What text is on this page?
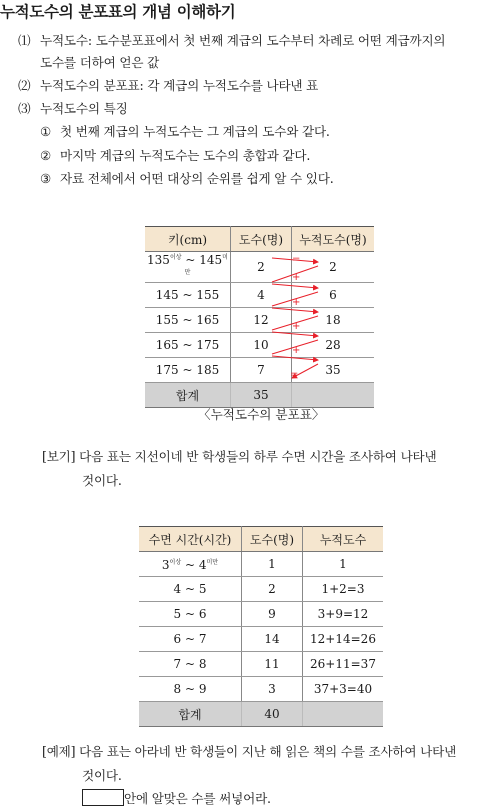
누적도수의 분포표의 개념 이해하기
⑴ 누적도수: 도수분포표에서 첫 번째 계급의 도수부터 차례로 어떤 계급까지의
도수를 더하여 얻은 값
⑵ 누적도수의 분포표: 각 계급의 누적도수를 나타낸 표
⑶ 누적도수의 특징
① 첫 번째 계급의 누적도수는 그 계급의 도수와 같다.
② 마지막 계급의 누적도수는 도수의 총합과 같다.
③ 자료 전체에서 어떤 대상의 순위를 쉽게 알 수 있다.
키(cm)	도수(명)	누적도수(명)
$135^{이상}$ ~ $145^{미만}$	2	2
145 ~ 155	4	6
155 ~ 165	12	18
165 ~ 175	10	28
175 ~ 185	7	35
합계	35	
=
+
+
+
+
=
〈누적도수의 분포표〉
[보기] 다음 표는 지선이네 반 학생들의 하루 수면 시간을 조사하여 나타낸
것이다.
수면 시간(시간)	도수(명)	누적도수
$3^{이상}$ ~ $4^{미만}$	1	1
4 ~ 5	2	1+2=3
5 ~ 6	9	3+9=12
6 ~ 7	14	12+14=26
7 ~ 8	11	26+11=37
8 ~ 9	3	37+3=40
합계	40	
[예제] 다음 표는 아라네 반 학생들이 지난 해 읽은 책의 수를 조사하여 나타낸
것이다.
안에 알맞은 수를 써넣어라.
